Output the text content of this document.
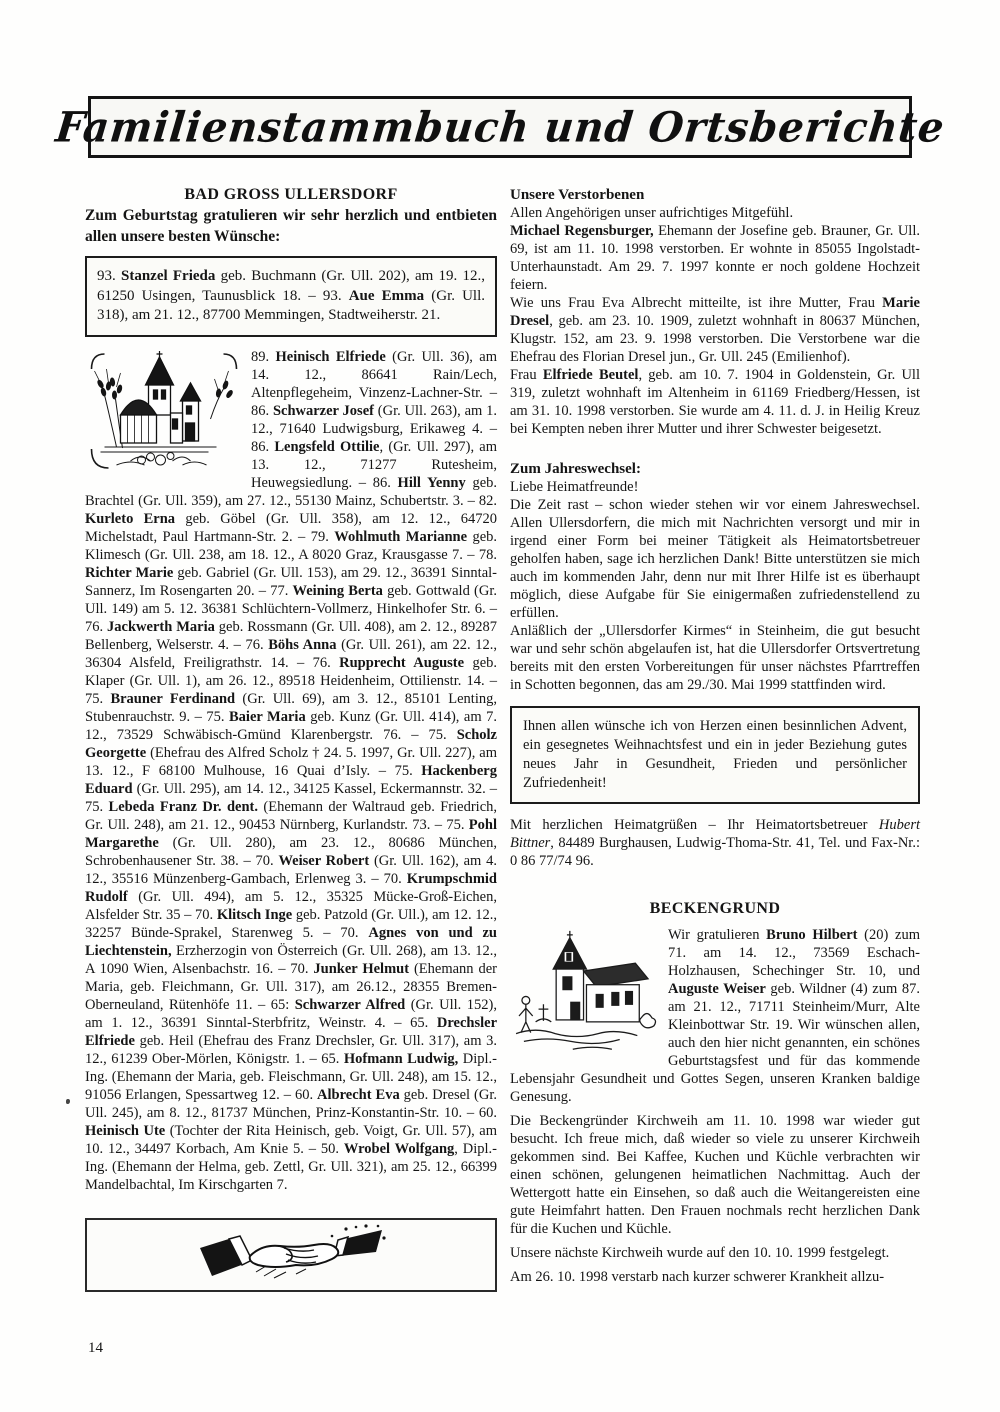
Familienstammbuch und Ortsberichte
BAD GROSS ULLERSDORF

Zum Geburtstag gratulieren wir sehr herzlich und entbieten allen unsere besten Wünsche:

93. Stanzel Frieda geb. Buchmann (Gr. Ull. 202), am 19. 12., 61250 Usingen, Taunusblick 18. – 93. Aue Emma (Gr. Ull. 318), am 21. 12., 87700 Memmingen, Stadtweiherstr. 21.
89. Heinisch Elfriede (Gr. Ull. 36), am 14. 12., 86641 Rain/Lech, Altenpflegeheim, Vinzenz-Lachner-Str. – 86. Schwarzer Josef (Gr. Ull. 263), am 1. 12., 71640 Ludwigsburg, Erikaweg 4. – 86. Lengsfeld Ottilie, (Gr. Ull. 297), am 13. 12., 71277 Rutesheim, Heuwegsiedlung. – 86. Hill Yenny geb. Brachtel (Gr. Ull. 359), am 27. 12., 55130 Mainz, Schubertstr. 3. – 82. Kurleto Erna geb. Göbel (Gr. Ull. 358), am 12. 12., 64720 Michelstadt, Paul Hartmann-Str. 2. – 79. Wohlmuth Marianne geb. Klimesch (Gr. Ull. 238, am 18. 12., A 8020 Graz, Krausgasse 7. – 78. Richter Marie geb. Gabriel (Gr. Ull. 153), am 29. 12., 36391 Sinntal-Sannerz, Im Rosengarten 20. – 77. Weining Berta geb. Gottwald (Gr. Ull. 149) am 5. 12. 36381 Schlüchtern-Vollmerz, Hinkelhofer Str. 6. – 76. Jackwerth Maria geb. Rossmann (Gr. Ull. 408), am 2. 12., 89287 Bellenberg, Welserstr. 4. – 76. Böhs Anna (Gr. Ull. 261), am 22. 12., 36304 Alsfeld, Freiligrathstr. 14. – 76. Rupprecht Auguste geb. Klaper (Gr. Ull. 1), am 26. 12., 89518 Heidenheim, Ottilienstr. 14. – 75. Brauner Ferdinand (Gr. Ull. 69), am 3. 12., 85101 Lenting, Stubenrauchstr. 9. – 75. Baier Maria geb. Kunz (Gr. Ull. 414), am 7. 12., 73529 Schwäbisch-Gmünd Klarenbergstr. 76. – 75. Scholz Georgette (Ehefrau des Alfred Scholz † 24. 5. 1997, Gr. Ull. 227), am 13. 12., F 68100 Mulhouse, 16 Quai d’Isly. – 75. Hackenberg Eduard (Gr. Ull. 295), am 14. 12., 34125 Kassel, Eckermannstr. 32. – 75. Lebeda Franz Dr. dent. (Ehemann der Waltraud geb. Friedrich, Gr. Ull. 248), am 21. 12., 90453 Nürnberg, Kurlandstr. 73. – 75. Pohl Margarethe (Gr. Ull. 280), am 23. 12., 80686 München, Schrobenhausener Str. 38. – 70. Weiser Robert (Gr. Ull. 162), am 4. 12., 35516 Münzenberg-Gambach, Erlenweg 3. – 70. Krumpschmid Rudolf (Gr. Ull. 494), am 5. 12., 35325 Mücke-Groß-Eichen, Alsfelder Str. 35 – 70. Klitsch Inge geb. Patzold (Gr. Ull.), am 12. 12., 32257 Bünde-Sprakel, Starenweg 5. – 70. Agnes von und zu Liechtenstein, Erzherzogin von Österreich (Gr. Ull. 268), am 13. 12., A 1090 Wien, Alsenbachstr. 16. – 70. Junker Helmut (Ehemann der Maria, geb. Fleichmann, Gr. Ull. 317), am 26.12., 28355 Bremen-Oberneuland, Rütenhöfe 11. – 65: Schwarzer Alfred (Gr. Ull. 152), am 1. 12., 36391 Sinntal-Sterbfritz, Weinstr. 4. – 65. Drechsler Elfriede geb. Heil (Ehefrau des Franz Drechsler, Gr. Ull. 317), am 3. 12., 61239 Ober-Mörlen, Königstr. 1. – 65. Hofmann Ludwig, Dipl.-Ing. (Ehemann der Maria, geb. Fleischmann, Gr. Ull. 248), am 15. 12., 91056 Erlangen, Spessartweg 12. – 60. Albrecht Eva geb. Dresel (Gr. Ull. 245), am 8. 12., 81737 München, Prinz-Konstantin-Str. 10. – 60. Heinisch Ute (Tochter der Rita Heinisch, geb. Voigt, Gr. Ull. 57), am 10. 12., 34497 Korbach, Am Knie 5. – 50. Wrobel Wolfgang, Dipl.-Ing. (Ehemann der Helma, geb. Zettl, Gr. Ull. 321), am 25. 12., 66399 Mandelbachtal, Im Kirschgarten 7.
Unsere Verstorbenen

Allen Angehörigen unser aufrichtiges Mitgefühl.

Michael Regensburger, Ehemann der Josefine geb. Brauner, Gr. Ull. 69, ist am 11. 10. 1998 verstorben. Er wohnte in 85055 Ingolstadt-Unterhaunstadt. Am 29. 7. 1997 konnte er noch goldene Hochzeit feiern.

Wie uns Frau Eva Albrecht mitteilte, ist ihre Mutter, Frau Marie Dresel, geb. am 23. 10. 1909, zuletzt wohnhaft in 80637 München, Klugstr. 152, am 23. 9. 1998 verstorben. Die Verstorbene war die Ehefrau des Florian Dresel jun., Gr. Ull. 245 (Emilienhof).

Frau Elfriede Beutel, geb. am 10. 7. 1904 in Goldenstein, Gr. Ull 319, zuletzt wohnhaft im Altenheim in 61169 Friedberg/Hessen, ist am 31. 10. 1998 verstorben. Sie wurde am 4. 11. d. J. in Heilig Kreuz bei Kempten neben ihrer Mutter und ihrer Schwester beigesetzt.

Zum Jahreswechsel:

Liebe Heimatfreunde!

Die Zeit rast – schon wieder stehen wir vor einem Jahreswechsel. Allen Ullersdorfern, die mich mit Nachrichten versorgt und mir in irgend einer Form bei meiner Tätigkeit als Heimatortsbetreuer geholfen haben, sage ich herzlichen Dank! Bitte unterstützen sie mich auch im kommenden Jahr, denn nur mit Ihrer Hilfe ist es überhaupt möglich, diese Aufgabe für Sie einigermaßen zufriedenstellend zu erfüllen.

Anläßlich der „Ullersdorfer Kirmes“ in Steinheim, die gut besucht war und sehr schön abgelaufen ist, hat die Ullersdorfer Ortsvertretung bereits mit den ersten Vorbereitungen für unser nächstes Pfarrtreffen in Schotten begonnen, das am 29./30. Mai 1999 stattfinden wird.

Ihnen allen wünsche ich von Herzen einen besinnlichen Advent, ein gesegnetes Weihnachtsfest und ein in jeder Beziehung gutes neues Jahr in Gesundheit, Frieden und persönlicher Zufriedenheit!

Mit herzlichen Heimatgrüßen – Ihr Heimatortsbetreuer Hubert Bittner, 84489 Burghausen, Ludwig-Thoma-Str. 41, Tel. und Fax-Nr.: 0 86 77/74 96.

BECKENGRUND

Wir gratulieren Bruno Hilbert (20) zum 71. am 14. 12., 73569 Eschach-Holzhausen, Schechinger Str. 10, und Auguste Weiser geb. Wildner (4) zum 87. am 21. 12., 71711 Steinheim/Murr, Alte Kleinbottwar Str. 19. Wir wünschen allen, auch den hier nicht genannten, ein schönes Geburtstagsfest und für das kommende Lebensjahr Gesundheit und Gottes Segen, unseren Kranken baldige Genesung.

Die Beckengründer Kirchweih am 11. 10. 1998 war wieder gut besucht. Ich freue mich, daß wieder so viele zu unserer Kirchweih gekommen sind. Bei Kaffee, Kuchen und Küchle verbrachten wir einen schönen, gelungenen heimatlichen Nachmittag. Auch der Wettergott hatte ein Einsehen, so daß auch die Weitangereisten eine gute Heimfahrt hatten. Den Frauen nochmals recht herzlichen Dank für die Kuchen und Küchle.

Unsere nächste Kirchweih wurde auf den 10. 10. 1999 festgelegt.

Am 26. 10. 1998 verstarb nach kurzer schwerer Krankheit allzu-

14
